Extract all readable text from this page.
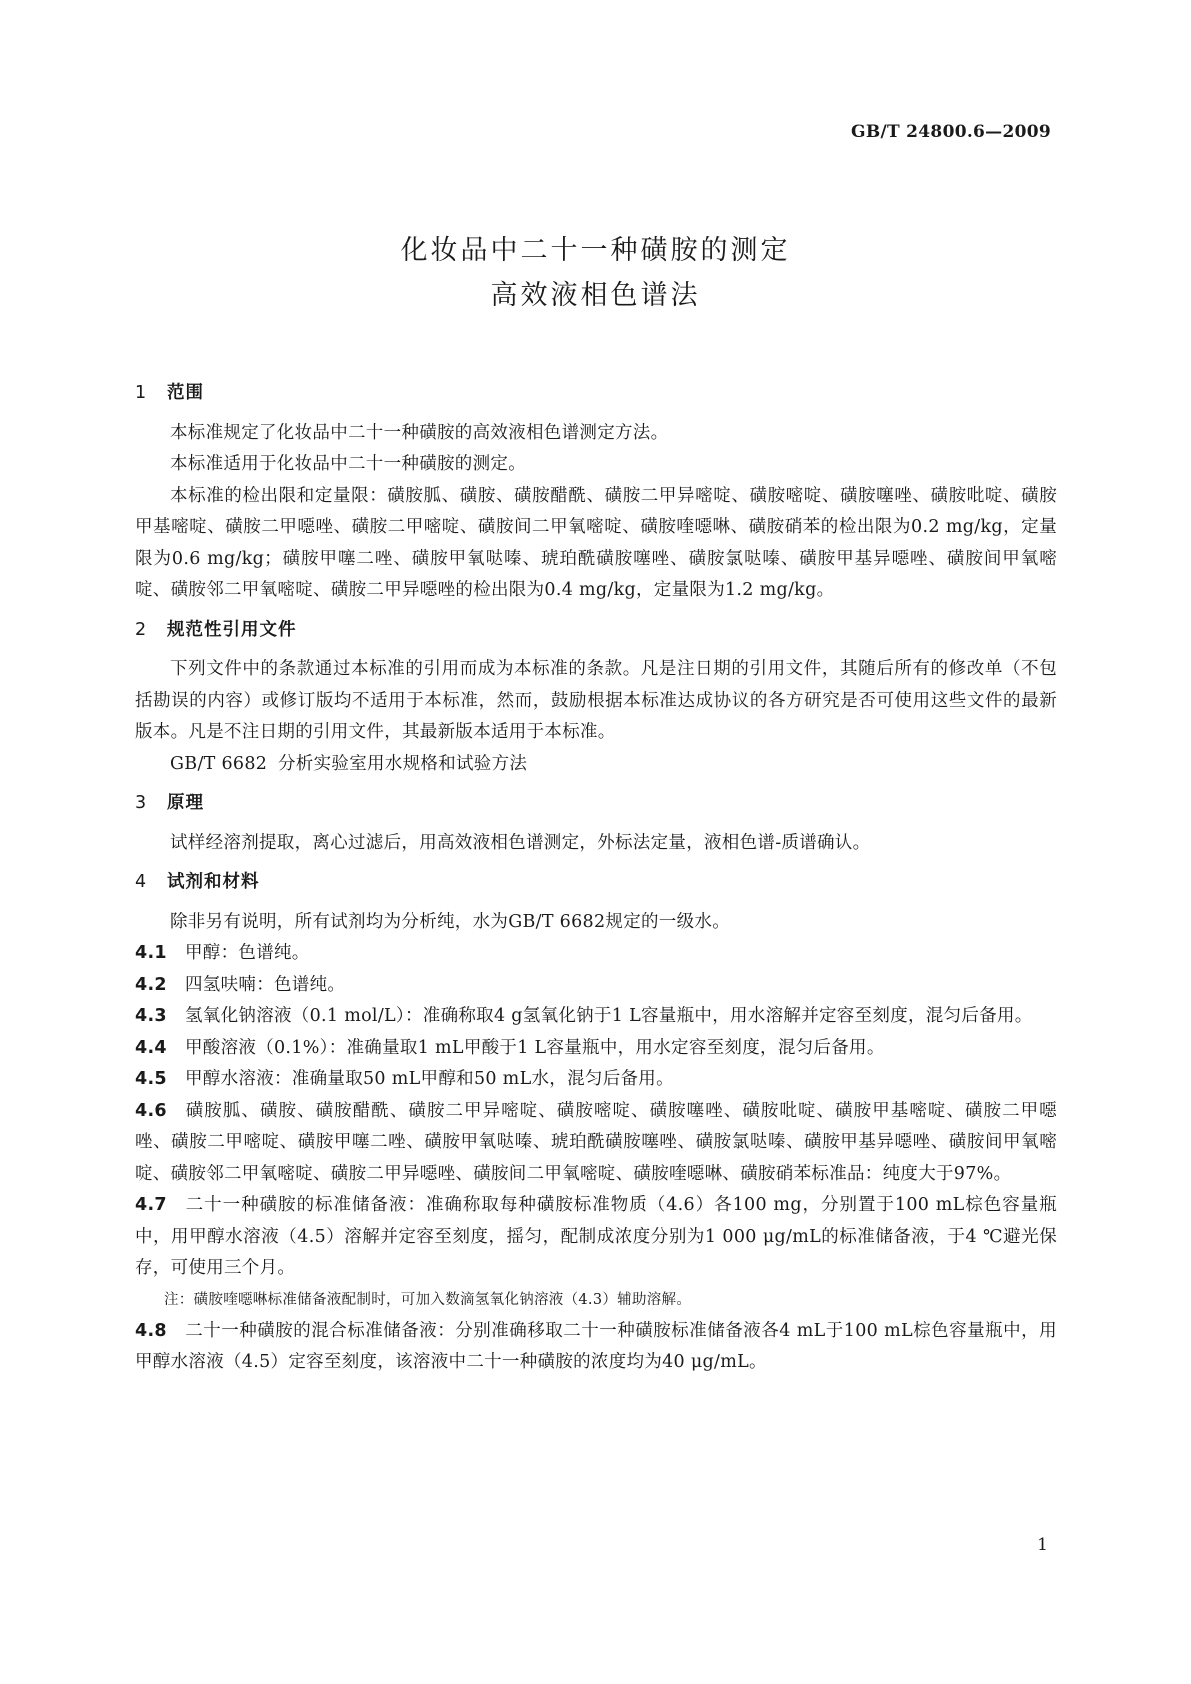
GB/T 24800.6—2009
化妆品中二十一种磺胺的测定
高效液相色谱法
1 范围

本标准规定了化妆品中二十一种磺胺的高效液相色谱测定方法。

本标准适用于化妆品中二十一种磺胺的测定。

本标准的检出限和定量限：磺胺胍、磺胺、磺胺醋酰、磺胺二甲异嘧啶、磺胺嘧啶、磺胺噻唑、磺胺吡啶、磺胺甲基嘧啶、磺胺二甲噁唑、磺胺二甲嘧啶、磺胺间二甲氧嘧啶、磺胺喹噁啉、磺胺硝苯的检出限为0.2 mg/kg，定量限为0.6 mg/kg；磺胺甲噻二唑、磺胺甲氧哒嗪、琥珀酰磺胺噻唑、磺胺氯哒嗪、磺胺甲基异噁唑、磺胺间甲氧嘧啶、磺胺邻二甲氧嘧啶、磺胺二甲异噁唑的检出限为0.4 mg/kg，定量限为1.2 mg/kg。

2 规范性引用文件

下列文件中的条款通过本标准的引用而成为本标准的条款。凡是注日期的引用文件，其随后所有的修改单（不包括勘误的内容）或修订版均不适用于本标准，然而，鼓励根据本标准达成协议的各方研究是否可使用这些文件的最新版本。凡是不注日期的引用文件，其最新版本适用于本标准。

GB/T 6682 分析实验室用水规格和试验方法

3 原理

试样经溶剂提取，离心过滤后，用高效液相色谱测定，外标法定量，液相色谱-质谱确认。

4 试剂和材料

除非另有说明，所有试剂均为分析纯，水为GB/T 6682规定的一级水。

4.1 甲醇：色谱纯。

4.2 四氢呋喃：色谱纯。

4.3 氢氧化钠溶液（0.1 mol/L）：准确称取4 g氢氧化钠于1 L容量瓶中，用水溶解并定容至刻度，混匀后备用。

4.4 甲酸溶液（0.1%）：准确量取1 mL甲酸于1 L容量瓶中，用水定容至刻度，混匀后备用。

4.5 甲醇水溶液：准确量取50 mL甲醇和50 mL水，混匀后备用。

4.6 磺胺胍、磺胺、磺胺醋酰、磺胺二甲异嘧啶、磺胺嘧啶、磺胺噻唑、磺胺吡啶、磺胺甲基嘧啶、磺胺二甲噁唑、磺胺二甲嘧啶、磺胺甲噻二唑、磺胺甲氧哒嗪、琥珀酰磺胺噻唑、磺胺氯哒嗪、磺胺甲基异噁唑、磺胺间甲氧嘧啶、磺胺邻二甲氧嘧啶、磺胺二甲异噁唑、磺胺间二甲氧嘧啶、磺胺喹噁啉、磺胺硝苯标准品：纯度大于97%。

4.7 二十一种磺胺的标准储备液：准确称取每种磺胺标准物质（4.6）各100 mg，分别置于100 mL棕色容量瓶中，用甲醇水溶液（4.5）溶解并定容至刻度，摇匀，配制成浓度分别为1 000 μg/mL的标准储备液，于4 ℃避光保存，可使用三个月。

注：磺胺喹噁啉标准储备液配制时，可加入数滴氢氧化钠溶液（4.3）辅助溶解。

4.8 二十一种磺胺的混合标准储备液：分别准确移取二十一种磺胺标准储备液各4 mL于100 mL棕色容量瓶中，用甲醇水溶液（4.5）定容至刻度，该溶液中二十一种磺胺的浓度均为40 μg/mL。

1
